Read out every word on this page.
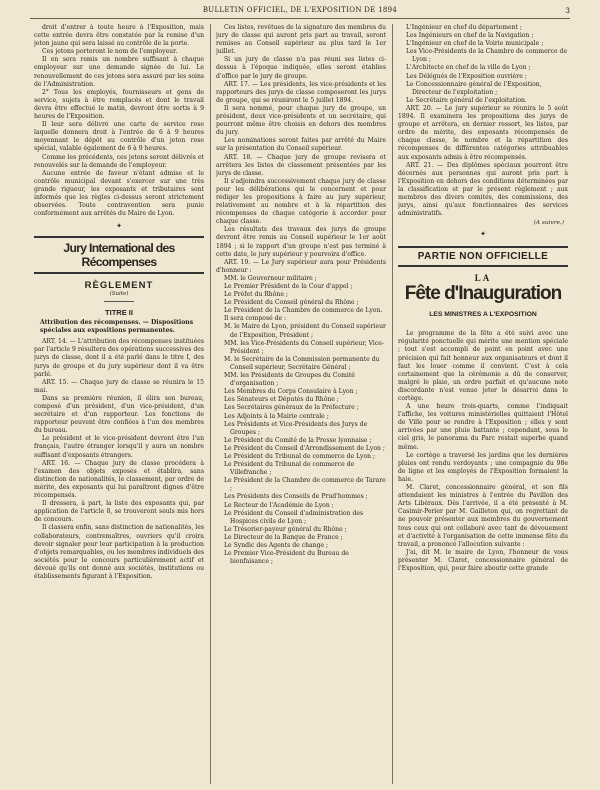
BULLETIN OFFICIEL, DE L'EXPOSITION DE 1894	3

droit d'entrer à toute heure à l'Exposition, mais cette entrée devra être constatée par la remise d'un jeton jaune qui sera laissé au contrôle de la porte.

Ces jetons porteront le nom de l'employeur.

Il en sera remis un nombre suffisant à chaque employeur sur une demande signée de lui. Le renouvellement de ces jetons sera assuré par les soins de l'Administration.

2° Tous les employés, fournisseurs et gens de service, sujets à être remplacés et dont le travail devra être effectué le matin, devront être sortis à 9 heures de l'Exposition.

Il leur sera délivré une carte de service rose laquelle donnera droit à l'entrée de 6 à 9 heures moyennant le dépôt au contrôle d'un jeton rose spécial, valable également de 6 à 9 heures.

Comme les précédents, ces jetons seront délivrés et renouvelés sur la demande de l'employeur.

Aucune entrée de faveur n'étant admise et le contrôle municipal devant s'exercer sur une très grande rigueur, les exposants et tributaires sont informés que les règles ci-dessus seront strictement observées. Toute contravention sera punie conformément aux arrêtés du Maire de Lyon.

✦
Jury International des Récompenses
RÈGLEMENT
(Suite)
TITRE II
Attribution des récompenses. — Dispositions spéciales aux expositions permanentes.

ART. 14. — L'attribution des récompenses instituées par l'article 9 résultera des opérations successives des jurys de classe, dont il a été parlé dans le titre I, des jurys de groupe et du jury supérieur dont il va être parlé.

ART. 15. — Chaque jury de classe se réunira le 15 mai.

Dans sa première réunion, il élira son bureau, composé d'un président, d'un vice-président, d'un secrétaire et d'un rapporteur. Les fonctions de rapporteur peuvent être confiées à l'un des membres du bureau.

Le président et le vice-président devront être l'un français, l'autre étranger lorsqu'il y aura un nombre suffisant d'exposants étrangers.

ART. 16. — Chaque jury de classe procédera à l'examen des objets exposés et établira, sans distinction de nationalités, le classement, par ordre de mérite, des exposants qui lui paraîtront dignes d'être récompensés.

Il dressera, à part, la liste des exposants qui, par application de l'article 8, se trouveront seuls mis hors de concours.

Il classera enfin, sans distinction de nationalités, les collaborateurs, contremaîtres, ouvriers qu'il croira devoir signaler pour leur participation à la production d'objets remarquables, ou les membres individuels des sociétés pour le concours particulièrement actif et dévoué qu'ils ont donné aux sociétés, institutions ou établissements figurant à l'Exposition.

Ces listes, revêtues de la signature des membres du jury de classe qui auront pris part au travail, seront remises au Conseil supérieur au plus tard le 1er juillet.

Si un jury de classe n'a pas réuni ses listes ci-dessus à l'époque indiquée, elles seront établies d'office par le jury de groupe.

ART. 17. — Les présidents, les vice-présidents et les rapporteurs des jurys de classe composeront les jurys de groupe, qui se réuniront le 5 juillet 1894.

Il sera nommé, pour chaque jury de groupe, un président, deux vice-présidents et un secrétaire, qui pourront même être choisis en dehors des membres du jury.

Les nominations seront faites par arrêté du Maire sur la présentation du Conseil supérieur.

ART. 18. — Chaque jury de groupe revisera et arrêtera les listes de classement présentées par les jurys de classe.

Il s'adjoindra successivement chaque jury de classe pour les délibérations qui le concernent et pour rédiger les propositions à faire au jury supérieur, relativement au nombre et à la répartition des récompenses de chaque catégorie à accorder pour chaque classe.

Les résultats des travaux des jurys de groupe devront être remis au Conseil supérieur le 1er août 1894 ; si le rapport d'un groupe n'est pas terminé à cette date, le jury supérieur y pourvoira d'office.

ART. 19. — Le Jury supérieur aura pour Présidents d'honneur :

MM. le Gouverneur militaire ;

Le Premier Président de la Cour d'appel ;

Le Préfet du Rhône ;

Le Président du Conseil général du Rhône ;

Le Président de la Chambre de commerce de Lyon.

Il sera composé de :

M. le Maire de Lyon, président du Conseil supérieur de l'Exposition, Président ;

MM. les Vice-Présidents du Conseil supérieur, Vice-Président ;

M. le Secrétaire de la Commission permanente du Conseil supérieur, Secrétaire Général ;

MM. les Présidents de Groupes du Comité d'organisation ;

Les Membres du Corps Consulaire à Lyon ;

Les Sénateurs et Députés du Rhône ;

Les Secrétaires généraux de la Préfecture ;

Les Adjoints à la Mairie centrale ;

Les Présidents et Vice-Présidents des Jurys de Groupes ;

Le Président du Comité de la Presse lyonnaise ;

Le Président du Conseil d'Arrondissement de Lyon ;

Le Président du Tribunal de commerce de Lyon ;

Le Président du Tribunal de commerce de Villefranche ;

Le Président de la Chambre de commerce de Tarare ;

Les Présidents des Conseils de Prud'hommes ;

Le Recteur de l'Académie de Lyon ;

Le Président du Conseil d'administration des Hospices civils de Lyon ;

Le Trésorier-payeur général du Rhône ;

Le Directeur de la Banque de France ;

Le Syndic des Agents de change ;

Le Premier Vice-Président du Bureau de bienfaisance ;

L'Ingénieur en chef du département ;

Les Ingénieurs en chef de la Navigation ;

L'Ingénieur en chef de la Voirie municipale ;

Les Vice-Présidents de la Chambre de commerce de Lyon ;

L'Architecte en chef de la ville de Lyon ;

Les Délégués de l'Exposition ouvrière ;

Le Concessionnaire général de l'Exposition, Directeur de l'exploitation ;

Le Secrétaire général de l'exploitation.

ART. 20. — Le jury supérieur se réunira le 5 août 1894. Il examinera les propositions des jurys de groupe et arrêtera, en dernier ressort, les listes, par ordre de mérite, des exposants récompensés de chaque classe, le nombre et la répartition des récompenses de différentes catégories attribuables aux exposants admis à être récompensés.

ART. 21. — Des diplômes spéciaux pourront être décernés aux personnes qui auront pris part à l'Exposition en dehors des conditions déterminées par la classification et par le présent règlement ; aux membres des divers comités, des commissions, des jurys, ainsi qu'aux fonctionnaires des services administratifs.

(A suivre.)
✦
PARTIE NON OFFICIELLE
LA
Fête d'Inauguration
LES MINISTRES A L'EXPOSITION

Le programme de la fête a été suivi avec une régularité ponctuelle qui mérite une mention spéciale ; tout s'est accompli de point en point avec une précision qui fait honneur aux organisateurs et dont il faut les louer comme il convient. C'est à cela certainement que la cérémonie a dû de conserver, malgré le plaie, un ordre parfait et qu'aucune note discordante n'est venue jeter le désarroi dans le cortège.

A une heure trois-quarts, comme l'indiquait l'affiche, les voitures ministérielles quittaient l'Hôtel de Ville pour se rendre à l'Exposition ; elles y sont arrivées par une pluie battante ; cependant, sous le ciel gris, le panorama du Parc restait superbe quand même.

Le cortège a traversé les jardins que les dernières pluies ont rendu verdoyants ; une compagnie du 98e de ligne et les employés de l'Exposition formaient la haie.

M. Claret, concessionnaire général, et son fils attendaient les ministres à l'entrée du Pavillon des Arts Libéraux. Dès l'arrivée, il a été présenté à M. Casimir-Perier par M. Gailleton qui, on regrettant de ne pouvoir présenter aux membres du gouvernement tous ceux qui ont collaboré avec tant de dévouement et d'activité à l'organisation de cette immense fête du travail, a prononcé l'allocution suivante :

J'ai, dit M. le maire de Lyon, l'honneur de vous présenter M. Claret, concessionnaire général de l'Exposition, qui, pour faire aboutir cette grande
